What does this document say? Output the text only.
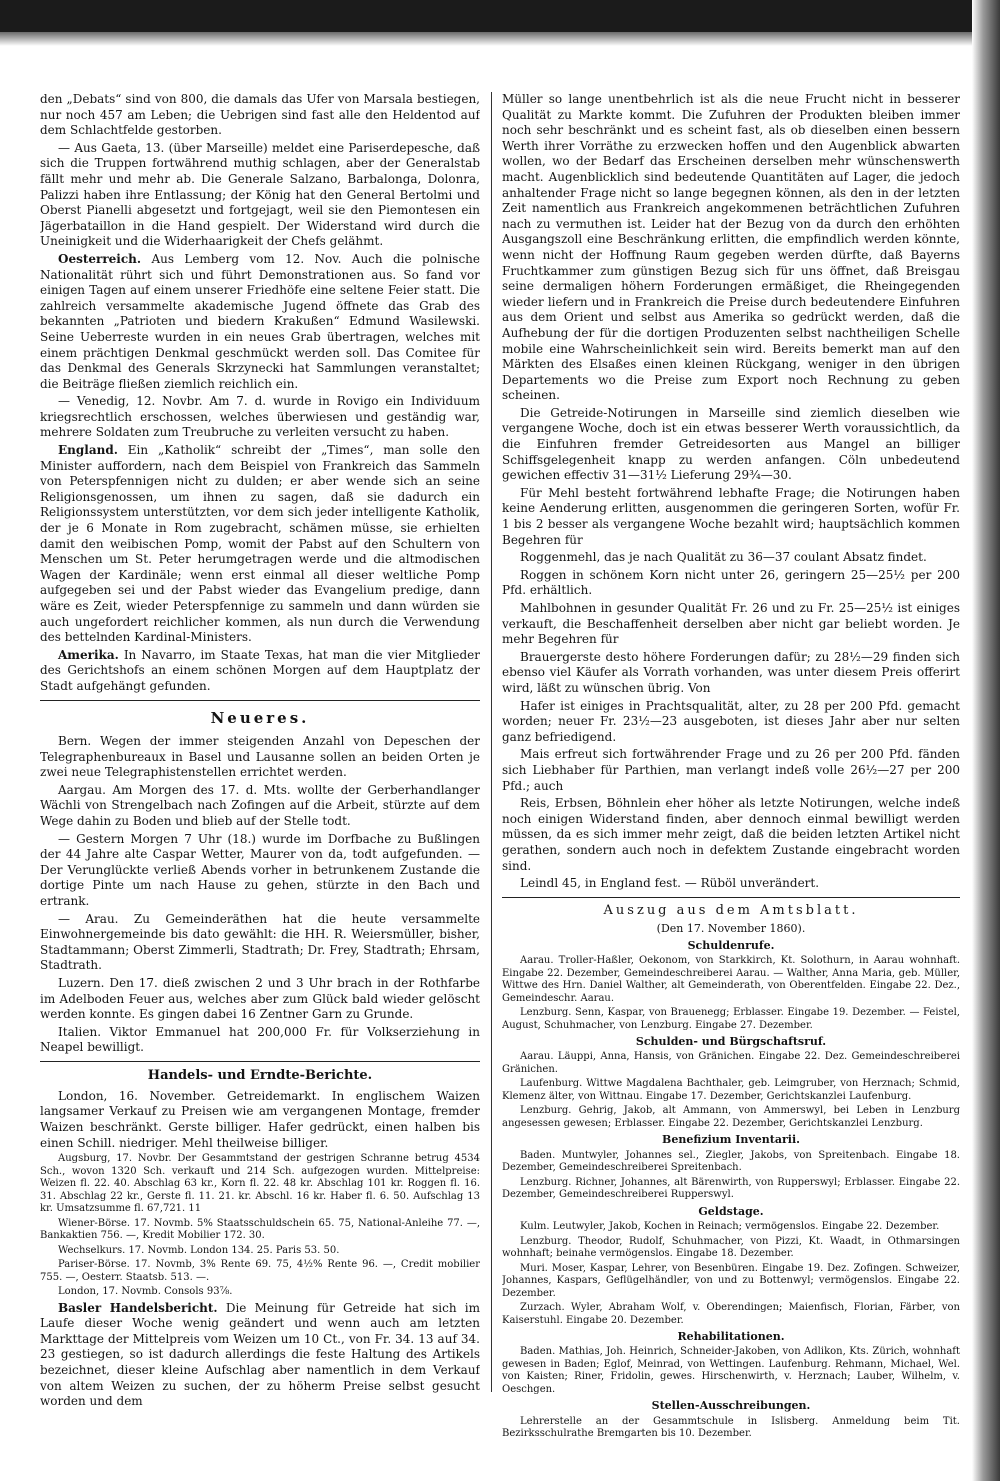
den „Debats“ sind von 800, die damals das Ufer von Marsala bestiegen, nur noch 457 am Leben; die Uebrigen sind fast alle den Heldentod auf dem Schlachtfelde gestorben.

— Aus Gaeta, 13. (über Marseille) meldet eine Pariserdepesche, daß sich die Truppen fortwährend muthig schlagen, aber der Generalstab fällt mehr und mehr ab. Die Generale Salzano, Barbalonga, Dolonra, Palizzi haben ihre Entlassung; der König hat den General Bertolmi und Oberst Pianelli abgesetzt und fortgejagt, weil sie den Piemontesen ein Jägerbataillon in die Hand gespielt. Der Widerstand wird durch die Uneinigkeit und die Widerhaarigkeit der Chefs gelähmt.

Oesterreich. Aus Lemberg vom 12. Nov. Auch die polnische Nationalität rührt sich und führt Demonstrationen aus. So fand vor einigen Tagen auf einem unserer Friedhöfe eine seltene Feier statt. Die zahlreich versammelte akademische Jugend öffnete das Grab des bekannten „Patrioten und biedern Krakußen“ Edmund Wasilewski. Seine Ueberreste wurden in ein neues Grab übertragen, welches mit einem prächtigen Denkmal geschmückt werden soll. Das Comitee für das Denkmal des Generals Skrzynecki hat Sammlungen veranstaltet; die Beiträge fließen ziemlich reichlich ein.

— Venedig, 12. Novbr. Am 7. d. wurde in Rovigo ein Individuum kriegsrechtlich erschossen, welches überwiesen und geständig war, mehrere Soldaten zum Treubruche zu verleiten versucht zu haben.

England. Ein „Katholik“ schreibt der „Times“, man solle den Minister auffordern, nach dem Beispiel von Frankreich das Sammeln von Peterspfennigen nicht zu dulden; er aber wende sich an seine Religionsgenossen, um ihnen zu sagen, daß sie dadurch ein Religionssystem unterstützten, vor dem sich jeder intelligente Katholik, der je 6 Monate in Rom zugebracht, schämen müsse, sie erhielten damit den weibischen Pomp, womit der Pabst auf den Schultern von Menschen um St. Peter herumgetragen werde und die altmodischen Wagen der Kardinäle; wenn erst einmal all dieser weltliche Pomp aufgegeben sei und der Pabst wieder das Evangelium predige, dann wäre es Zeit, wieder Peterspfennige zu sammeln und dann würden sie auch ungefordert reichlicher kommen, als nun durch die Verwendung des bettelnden Kardinal-Ministers.

Amerika. In Navarro, im Staate Texas, hat man die vier Mitglieder des Gerichtshofs an einem schönen Morgen auf dem Hauptplatz der Stadt aufgehängt gefunden.

Neueres.

Bern. Wegen der immer steigenden Anzahl von Depeschen der Telegraphenbureaux in Basel und Lausanne sollen an beiden Orten je zwei neue Telegraphistenstellen errichtet werden.

Aargau. Am Morgen des 17. d. Mts. wollte der Gerberhandlanger Wächli von Strengelbach nach Zofingen auf die Arbeit, stürzte auf dem Wege dahin zu Boden und blieb auf der Stelle todt.

— Gestern Morgen 7 Uhr (18.) wurde im Dorfbache zu Bußlingen der 44 Jahre alte Caspar Wetter, Maurer von da, todt aufgefunden. — Der Verunglückte verließ Abends vorher in betrunkenem Zustande die dortige Pinte um nach Hause zu gehen, stürzte in den Bach und ertrank.

— Arau. Zu Gemeinderäthen hat die heute versammelte Einwohnergemeinde bis dato gewählt: die HH. R. Weiersmüller, bisher, Stadtammann; Oberst Zimmerli, Stadtrath; Dr. Frey, Stadtrath; Ehrsam, Stadtrath.

Luzern. Den 17. dieß zwischen 2 und 3 Uhr brach in der Rothfarbe im Adelboden Feuer aus, welches aber zum Glück bald wieder gelöscht werden konnte. Es gingen dabei 16 Zentner Garn zu Grunde.

Italien. Viktor Emmanuel hat 200,000 Fr. für Volkserziehung in Neapel bewilligt.

Handels- und Erndte-Berichte.

London, 16. November. Getreidemarkt. In englischem Waizen langsamer Verkauf zu Preisen wie am vergangenen Montage, fremder Waizen beschränkt. Gerste billiger. Hafer gedrückt, einen halben bis einen Schill. niedriger. Mehl theilweise billiger.

Augsburg, 17. Novbr. Der Gesammtstand der gestrigen Schranne betrug 4534 Sch., wovon 1320 Sch. verkauft und 214 Sch. aufgezogen wurden. Mittelpreise: Weizen fl. 22. 40. Abschlag 63 kr., Korn fl. 22. 48 kr. Abschlag 101 kr. Roggen fl. 16. 31. Abschlag 22 kr., Gerste fl. 11. 21. kr. Abschl. 16 kr. Haber fl. 6. 50. Aufschlag 13 kr. Umsatzsumme fl. 67,721. 11

Wiener-Börse. 17. Novmb. 5% Staatsschuldschein 65. 75, National-Anleihe 77. —, Bankaktien 756. —, Kredit Mobilier 172. 30.

Wechselkurs. 17. Novmb. London 134. 25. Paris 53. 50.

Pariser-Börse. 17. Novmb, 3% Rente 69. 75, 4½% Rente 96. —, Credit mobilier 755. —, Oesterr. Staatsb. 513. —.

London, 17. Novmb. Consols 93⅞.

Basler Handelsbericht. Die Meinung für Getreide hat sich im Laufe dieser Woche wenig geändert und wenn auch am letzten Markttage der Mittelpreis vom Weizen um 10 Ct., von Fr. 34. 13 auf 34. 23 gestiegen, so ist dadurch allerdings die feste Haltung des Artikels bezeichnet, dieser kleine Aufschlag aber namentlich in dem Verkauf von altem Weizen zu suchen, der zu höherm Preise selbst gesucht worden und dem

Müller so lange unentbehrlich ist als die neue Frucht nicht in besserer Qualität zu Markte kommt. Die Zufuhren der Produkten bleiben immer noch sehr beschränkt und es scheint fast, als ob dieselben einen bessern Werth ihrer Vorräthe zu erzwecken hoffen und den Augenblick abwarten wollen, wo der Bedarf das Erscheinen derselben mehr wünschenswerth macht. Augenblicklich sind bedeutende Quantitäten auf Lager, die jedoch anhaltender Frage nicht so lange begegnen können, als den in der letzten Zeit namentlich aus Frankreich angekommenen beträchtlichen Zufuhren nach zu vermuthen ist. Leider hat der Bezug von da durch den erhöhten Ausgangszoll eine Beschränkung erlitten, die empfindlich werden könnte, wenn nicht der Hoffnung Raum gegeben werden dürfte, daß Bayerns Fruchtkammer zum günstigen Bezug sich für uns öffnet, daß Breisgau seine dermaligen höhern Forderungen ermäßiget, die Rheingegenden wieder liefern und in Frankreich die Preise durch bedeutendere Einfuhren aus dem Orient und selbst aus Amerika so gedrückt werden, daß die Aufhebung der für die dortigen Produzenten selbst nachtheiligen Schelle mobile eine Wahrscheinlichkeit sein wird. Bereits bemerkt man auf den Märkten des Elsaßes einen kleinen Rückgang, weniger in den übrigen Departements wo die Preise zum Export noch Rechnung zu geben scheinen.

Die Getreide-Notirungen in Marseille sind ziemlich dieselben wie vergangene Woche, doch ist ein etwas besserer Werth voraussichtlich, da die Einfuhren fremder Getreidesorten aus Mangel an billiger Schiffsgelegenheit knapp zu werden anfangen. Cöln unbedeutend gewichen effectiv 31—31½ Lieferung 29¾—30.

Für Mehl besteht fortwährend lebhafte Frage; die Notirungen haben keine Aenderung erlitten, ausgenommen die geringeren Sorten, wofür Fr. 1 bis 2 besser als vergangene Woche bezahlt wird; hauptsächlich kommen Begehren für

Roggenmehl, das je nach Qualität zu 36—37 coulant Absatz findet.

Roggen in schönem Korn nicht unter 26, geringern 25—25½ per 200 Pfd. erhältlich.

Mahlbohnen in gesunder Qualität Fr. 26 und zu Fr. 25—25½ ist einiges verkauft, die Beschaffenheit derselben aber nicht gar beliebt worden. Je mehr Begehren für

Brauergerste desto höhere Forderungen dafür; zu 28½—29 finden sich ebenso viel Käufer als Vorrath vorhanden, was unter diesem Preis offerirt wird, läßt zu wünschen übrig. Von

Hafer ist einiges in Prachtsqualität, alter, zu 28 per 200 Pfd. gemacht worden; neuer Fr. 23½—23 ausgeboten, ist dieses Jahr aber nur selten ganz befriedigend.

Mais erfreut sich fortwährender Frage und zu 26 per 200 Pfd. fänden sich Liebhaber für Parthien, man verlangt indeß volle 26½—27 per 200 Pfd.; auch

Reis, Erbsen, Böhnlein eher höher als letzte Notirungen, welche indeß noch einigen Widerstand finden, aber dennoch einmal bewilligt werden müssen, da es sich immer mehr zeigt, daß die beiden letzten Artikel nicht gerathen, sondern auch noch in defektem Zustande eingebracht worden sind.

Leindl 45, in England fest. — Rüböl unverändert.

Auszug aus dem Amtsblatt.
(Den 17. November 1860).
Schuldenrufe.

Aarau. Troller-Haßler, Oekonom, von Starkkirch, Kt. Solothurn, in Aarau wohnhaft. Eingabe 22. Dezember, Gemeindeschreiberei Aarau. — Walther, Anna Maria, geb. Müller, Wittwe des Hrn. Daniel Walther, alt Gemeinderath, von Oberentfelden. Eingabe 22. Dez., Gemeindeschr. Aarau.

Lenzburg. Senn, Kaspar, von Brauenegg; Erblasser. Eingabe 19. Dezember. — Feistel, August, Schuhmacher, von Lenzburg. Eingabe 27. Dezember.

Schulden- und Bürgschaftsruf.

Aarau. Läuppi, Anna, Hansis, von Gränichen. Eingabe 22. Dez. Gemeindeschreiberei Gränichen.

Laufenburg. Wittwe Magdalena Bachthaler, geb. Leimgruber, von Herznach; Schmid, Klemenz älter, von Wittnau. Eingabe 17. Dezember, Gerichtskanzlei Laufenburg.

Lenzburg. Gehrig, Jakob, alt Ammann, von Ammerswyl, bei Leben in Lenzburg angesessen gewesen; Erblasser. Eingabe 22. Dezember, Gerichtskanzlei Lenzburg.

Benefizium Inventarii.

Baden. Muntwyler, Johannes sel., Ziegler, Jakobs, von Spreitenbach. Eingabe 18. Dezember, Gemeindeschreiberei Spreitenbach.

Lenzburg. Richner, Johannes, alt Bärenwirth, von Rupperswyl; Erblasser. Eingabe 22. Dezember, Gemeindeschreiberei Rupperswyl.

Geldstage.

Kulm. Leutwyler, Jakob, Kochen in Reinach; vermögenslos. Eingabe 22. Dezember.

Lenzburg. Theodor, Rudolf, Schuhmacher, von Pizzi, Kt. Waadt, in Othmarsingen wohnhaft; beinahe vermögenslos. Eingabe 18. Dezember.

Muri. Moser, Kaspar, Lehrer, von Besenbüren. Eingabe 19. Dez. Zofingen. Schweizer, Johannes, Kaspars, Geflügelhändler, von und zu Bottenwyl; vermögenslos. Eingabe 22. Dezember.

Zurzach. Wyler, Abraham Wolf, v. Oberendingen; Maienfisch, Florian, Färber, von Kaiserstuhl. Eingabe 20. Dezember.

Rehabilitationen.

Baden. Mathias, Joh. Heinrich, Schneider-Jakoben, von Adlikon, Kts. Zürich, wohnhaft gewesen in Baden; Eglof, Meinrad, von Wettingen. Laufenburg. Rehmann, Michael, Wel. von Kaisten; Riner, Fridolin, gewes. Hirschenwirth, v. Herznach; Lauber, Wilhelm, v. Oeschgen.

Stellen-Ausschreibungen.

Lehrerstelle an der Gesammtschule in Islisberg. Anmeldung beim Tit. Bezirksschulrathe Bremgarten bis 10. Dezember.
